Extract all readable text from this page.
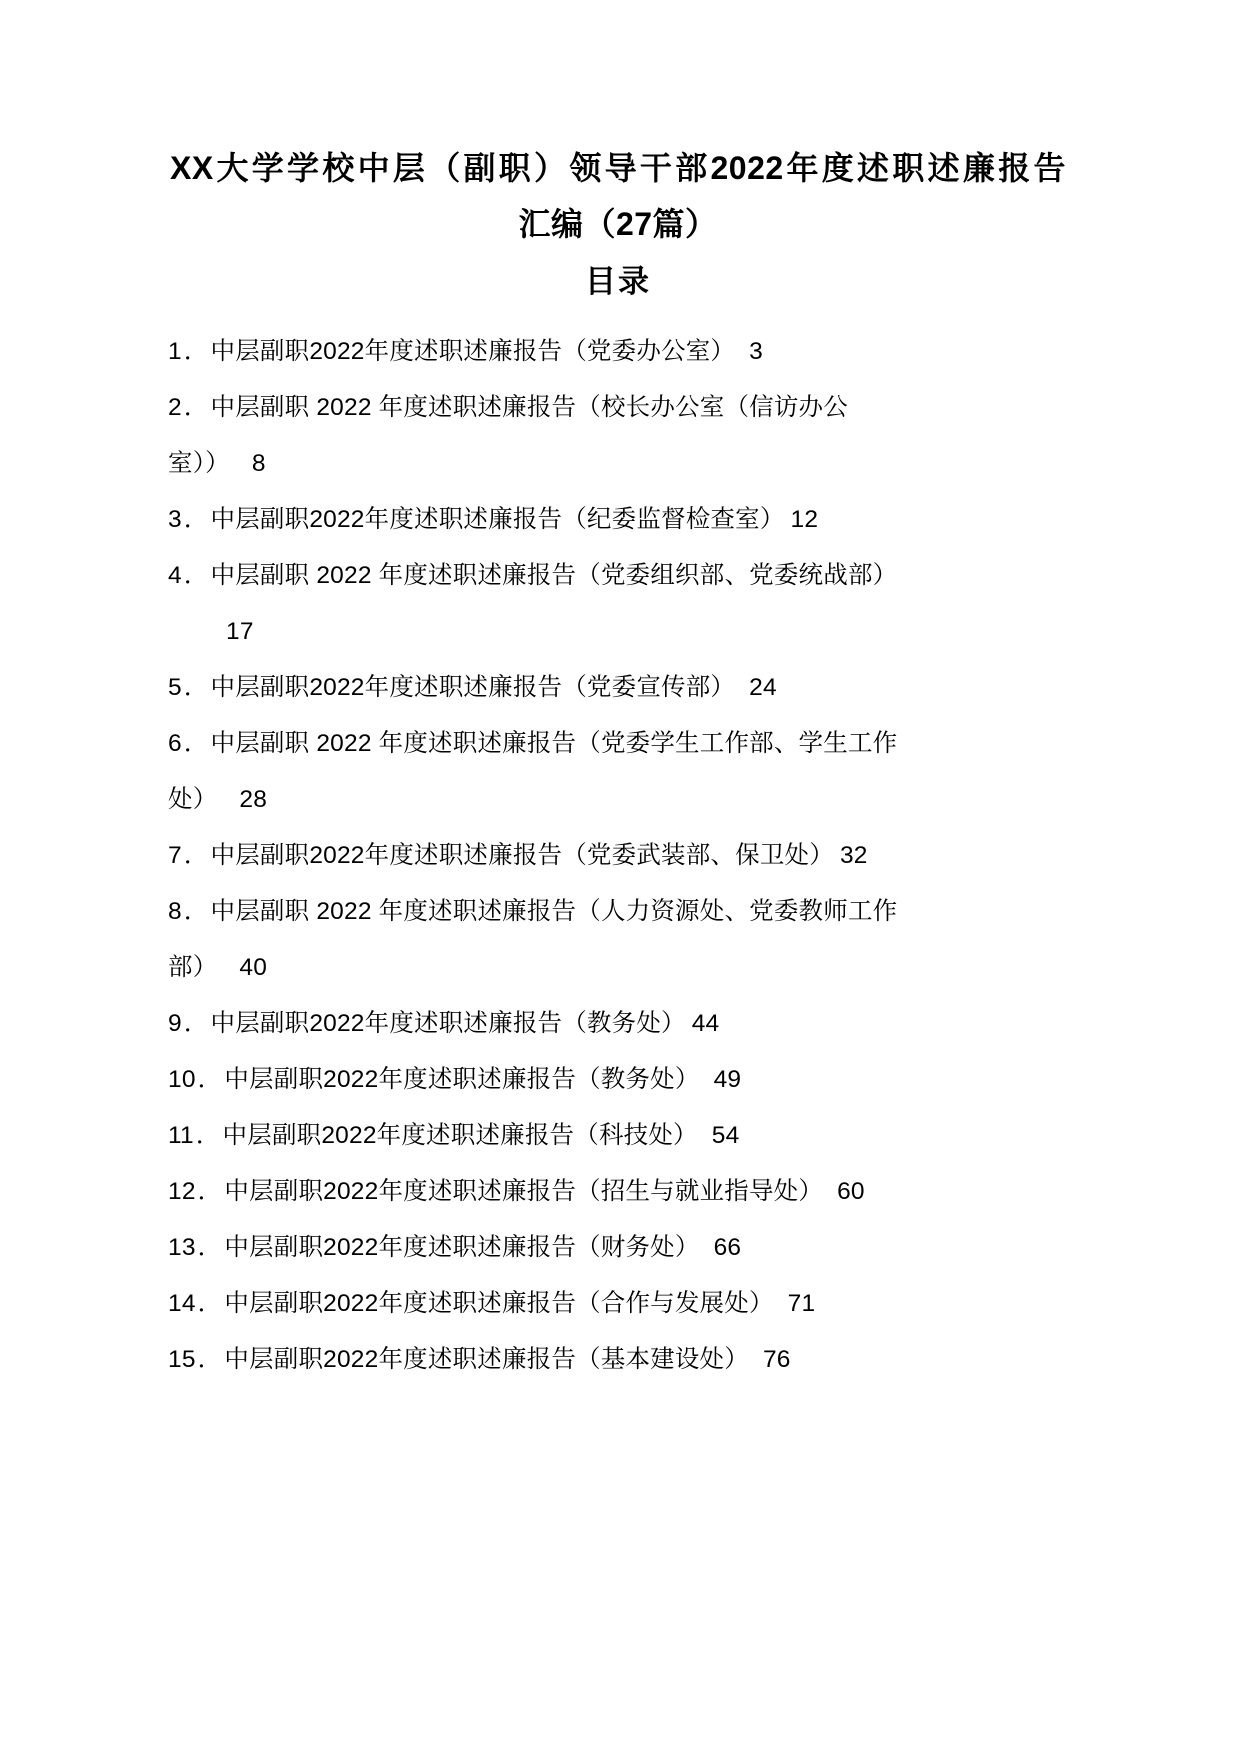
XX大学学校中层（副职）领导干部2022年度述职述廉报告
汇编（27篇）
目录
1．中层副职2022年度述职述廉报告（党委办公室） 3
2．中层副职 2022 年度述职述廉报告（校长办公室（信访办公
室）） 8
3．中层副职2022年度述职述廉报告（纪委监督检查室） 12
4．中层副职 2022 年度述职述廉报告（党委组织部、党委统战部）
17
5．中层副职2022年度述职述廉报告（党委宣传部） 24
6．中层副职 2022 年度述职述廉报告（党委学生工作部、学生工作
处） 28
7．中层副职2022年度述职述廉报告（党委武装部、保卫处） 32
8．中层副职 2022 年度述职述廉报告（人力资源处、党委教师工作
部） 40
9．中层副职2022年度述职述廉报告（教务处） 44
10．中层副职2022年度述职述廉报告（教务处） 49
11．中层副职2022年度述职述廉报告（科技处） 54
12．中层副职2022年度述职述廉报告（招生与就业指导处） 60
13．中层副职2022年度述职述廉报告（财务处） 66
14．中层副职2022年度述职述廉报告（合作与发展处） 71
15．中层副职2022年度述职述廉报告（基本建设处） 76
